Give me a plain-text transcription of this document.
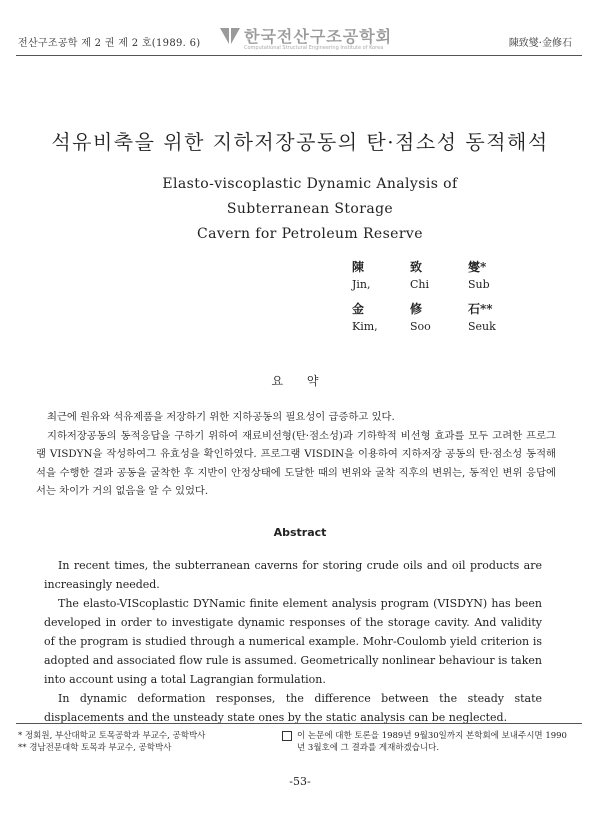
전산구조공학 제 2 권 제 2 호(1989. 6)	한국전산구조공학회
Computational Structural Engineering Institute of Korea	陳致燮·金修石
석유비축을 위한 지하저장공동의 탄·점소성 동적해석
Elasto-viscoplastic Dynamic Analysis of Subterranean Storage
Cavern for Petroleum Reserve
陳	致	燮*
Jin,	Chi	Sub
金	修	石**
Kim,	Soo	Seuk
요 약

최근에 원유와 석유제품을 저장하기 위한 지하공동의 필요성이 급증하고 있다.

지하저장공동의 동적응답을 구하기 위하여 재료비선형(탄·점소성)과 기하학적 비선형 효과를 모두 고려한 프로그램 VISDYN을 작성하여그 유효성을 확인하였다. 프로그램 VISDIN을 이용하여 지하저장 공동의 탄·점소성 동적해석을 수행한 결과 공동을 굴착한 후 지반이 안정상태에 도달한 때의 변위와 굴착 직후의 변위는, 동적인 변위 응답에서는 차이가 거의 없음을 알 수 있었다.

Abstract

In recent times, the subterranean caverns for storing crude oils and oil products are increasingly needed.

The elasto-VIScoplastic DYNamic finite element analysis program (VISDYN) has been developed in order to investigate dynamic responses of the storage cavity. And validity of the program is studied through a numerical example. Mohr-Coulomb yield criterion is adopted and associated flow rule is assumed. Geometrically nonlinear behaviour is taken into account using a total Lagrangian formulation.

In dynamic deformation responses, the difference between the steady state displacements and the unsteady state ones by the static analysis can be neglected.

* 정회원, 부산대학교 토목공학과 부교수, 공학박사
** 경남전문대학 토목과 부교수, 공학박사
이 논문에 대한 토론을 1989년 9월30일까지 본학회에 보내주시면 1990년 3월호에 그 결과를 게재하겠습니다.
-53-
